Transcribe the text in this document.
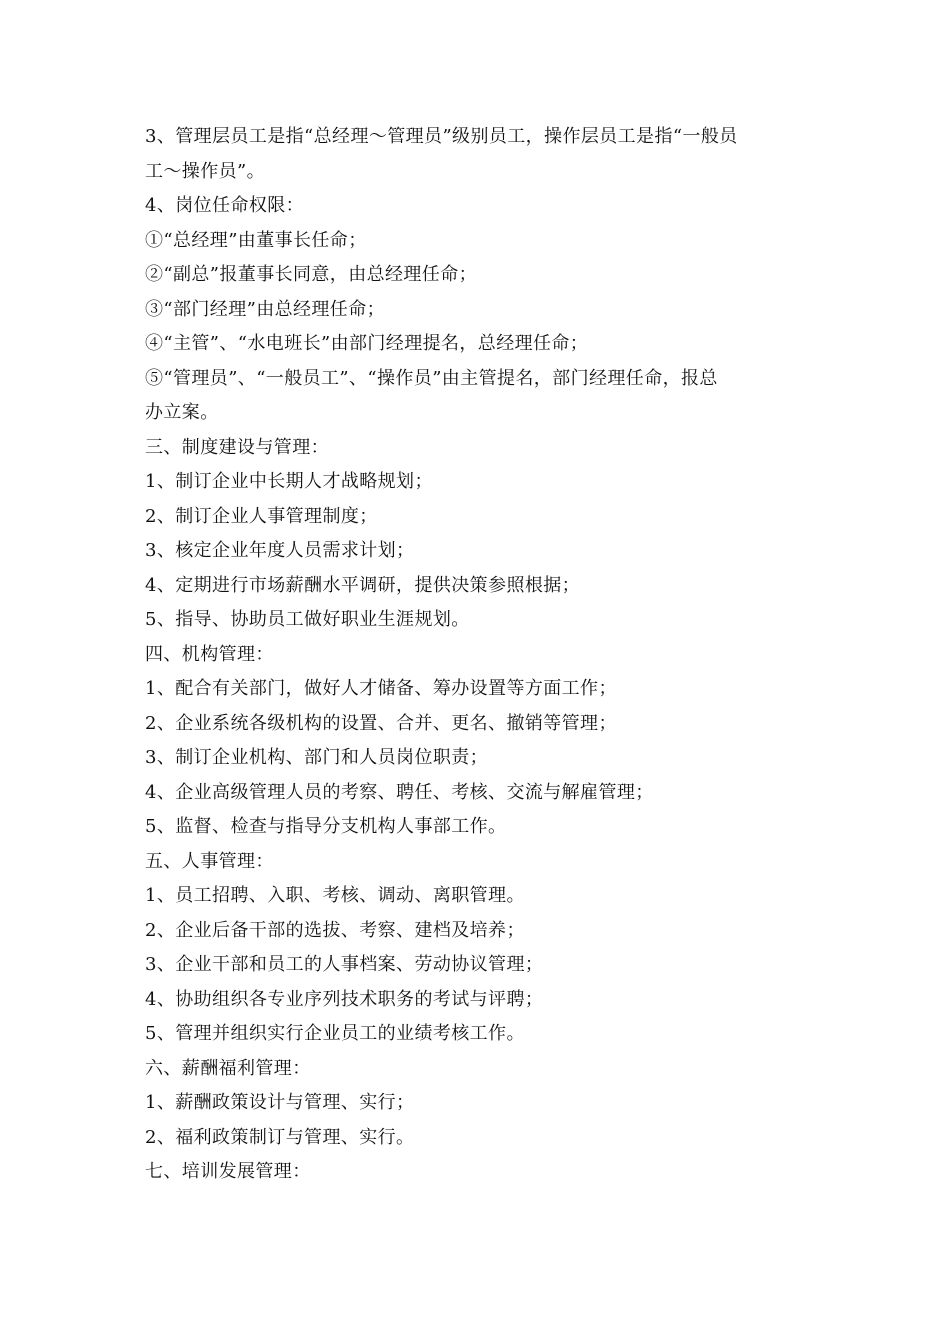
3、管理层员工是指“总经理～管理员”级别员工，操作层员工是指“一般员
工～操作员”。
4、岗位任命权限：
①“总经理”由董事长任命；
②“副总”报董事长同意，由总经理任命；
③“部门经理”由总经理任命；
④“主管”、“水电班长”由部门经理提名，总经理任命；
⑤“管理员”、“一般员工”、“操作员”由主管提名，部门经理任命，报总
办立案。
三、制度建设与管理：
1、制订企业中长期人才战略规划；
2、制订企业人事管理制度；
3、核定企业年度人员需求计划；
4、定期进行市场薪酬水平调研，提供决策参照根据；
5、指导、协助员工做好职业生涯规划。
四、机构管理：
1、配合有关部门，做好人才储备、筹办设置等方面工作；
2、企业系统各级机构的设置、合并、更名、撤销等管理；
3、制订企业机构、部门和人员岗位职责；
4、企业高级管理人员的考察、聘任、考核、交流与解雇管理；
5、监督、检查与指导分支机构人事部工作。
五、人事管理：
1、员工招聘、入职、考核、调动、离职管理。
2、企业后备干部的选拔、考察、建档及培养；
3、企业干部和员工的人事档案、劳动协议管理；
4、协助组织各专业序列技术职务的考试与评聘；
5、管理并组织实行企业员工的业绩考核工作。
六、薪酬福利管理：
1、薪酬政策设计与管理、实行；
2、福利政策制订与管理、实行。
七、培训发展管理：
